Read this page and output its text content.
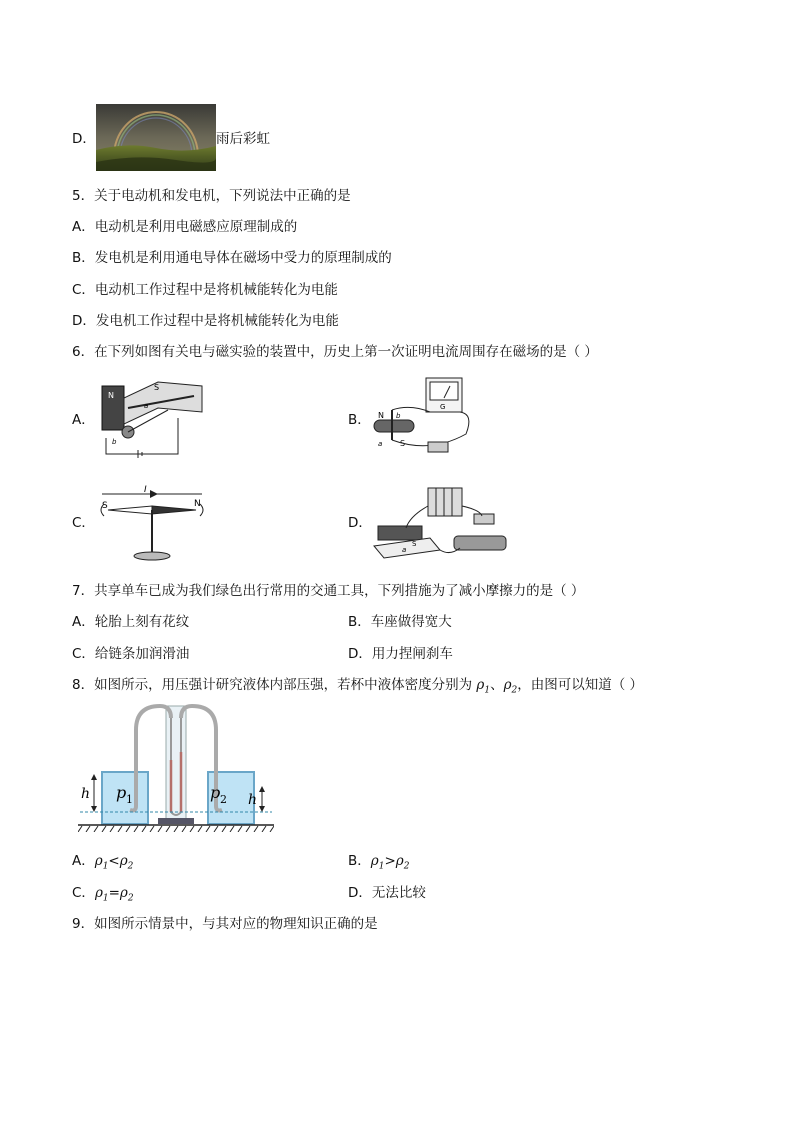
D．	雨后彩虹
5．关于电动机和发电机，下列说法中正确的是
A．电动机是利用电磁感应原理制成的
B．发电机是利用通电导体在磁场中受力的原理制成的
C．电动机工作过程中是将机械能转化为电能
D．发电机工作过程中是将机械能转化为电能
6．在下列如图有关电与磁实验的装置中，历史上第一次证明电流周围存在磁场的是（ ）
A．
N
S
a
b
B．
G
N
S
a
b
C．
I
S	N
D．
a
S
7．共享单车已成为我们绿色出行常用的交通工具，下列措施为了减小摩擦力的是（ ）
A．轮胎上刻有花纹	B．车座做得宽大
C．给链条加润滑油	D．用力捏闸刹车
8．如图所示，用压强计研究液体内部压强，若杯中液体密度分别为 $\rho_1$、$\rho_2$，由图可以知道（ ）
h	h
p 1	p 2
A．$\rho_1<\rho_2$	B．$\rho_1>\rho_2$
C．$\rho_1=\rho_2$	D．无法比较
9．如图所示情景中，与其对应的物理知识正确的是
